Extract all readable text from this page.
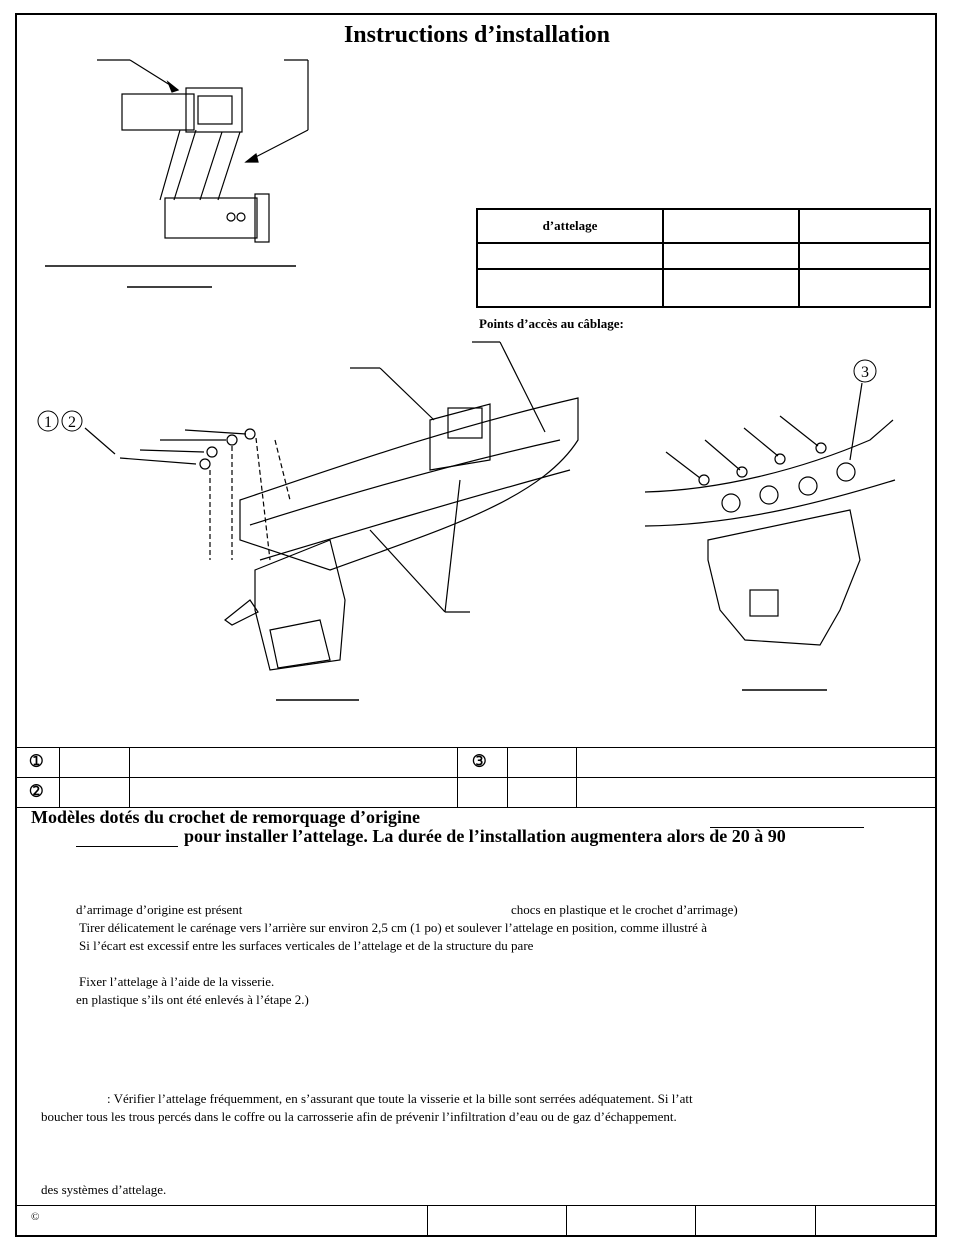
Instructions d’installation
1 2
3
d’attelage		

Points d’accès au câblage:
➀	➂
➁
Modèles dotés du crochet de remorquage d’origine
pour installer l’attelage. La durée de l’installation augmentera alors de 20 à 90
d’arrimage d’origine est présent	chocs en plastique et le crochet d’arrimage)
Tirer délicatement le carénage vers l’arrière sur environ 2,5 cm (1 po) et soulever l’attelage en position, comme illustré à
Si l’écart est excessif entre les surfaces verticales de l’attelage et de la structure du pare
Fixer l’attelage à l’aide de la visserie.
en plastique s’ils ont été enlevés à l’étape 2.)
: Vérifier l’attelage fréquemment, en s’assurant que toute la visserie et la bille sont serrées adéquatement. Si l’att
boucher tous les trous percés dans le coffre ou la carrosserie afin de prévenir l’infiltration d’eau ou de gaz d’échappement.
des systèmes d’attelage.
©
